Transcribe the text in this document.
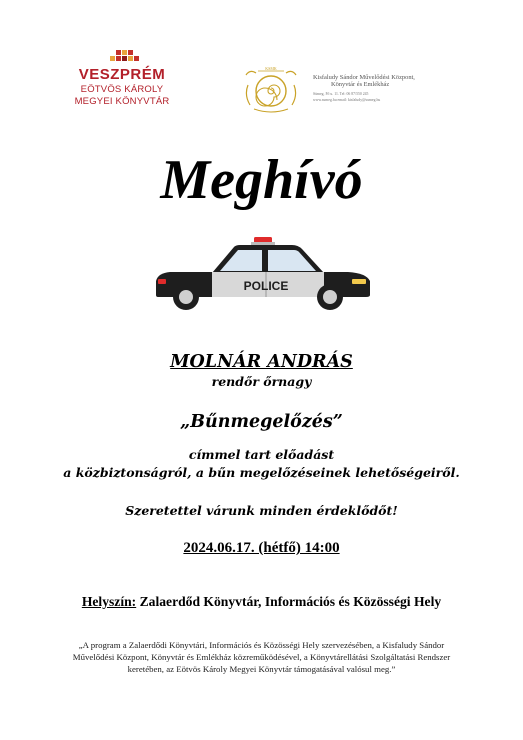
VESZPRÉM
EÖTVÖS KÁROLY
MEGYEI KÖNYVTÁR
KSMK
Kisfaludy Sándor Művelődési Központ,
Könyvtár és Emlékház
Sümeg, Fő u. 11. Tel: 06 87/550 245
www.sumeg.hu email: kisfaludy@sumeg.hu
Meghívó
POLICE
MOLNÁR ANDRÁS
rendőr őrnagy
„Bűnmegelőzés”
címmel tart előadást
a közbiztonságról, a bűn megelőzéseinek lehetőségeiről.
Szeretettel várunk minden érdeklődőt!
2024.06.17. (hétfő) 14:00
Helyszín: Zalaerdőd Könyvtár, Információs és Közösségi Hely
„A program a Zalaerdődi Könyvtári, Információs és Közösségi Hely szervezésében, a Kisfaludy Sándor Művelődési Központ, Könyvtár és Emlékház közreműködésével, a Könyvtárellátási Szolgáltatási Rendszer keretében, az Eötvös Károly Megyei Könyvtár támogatásával valósul meg.”
